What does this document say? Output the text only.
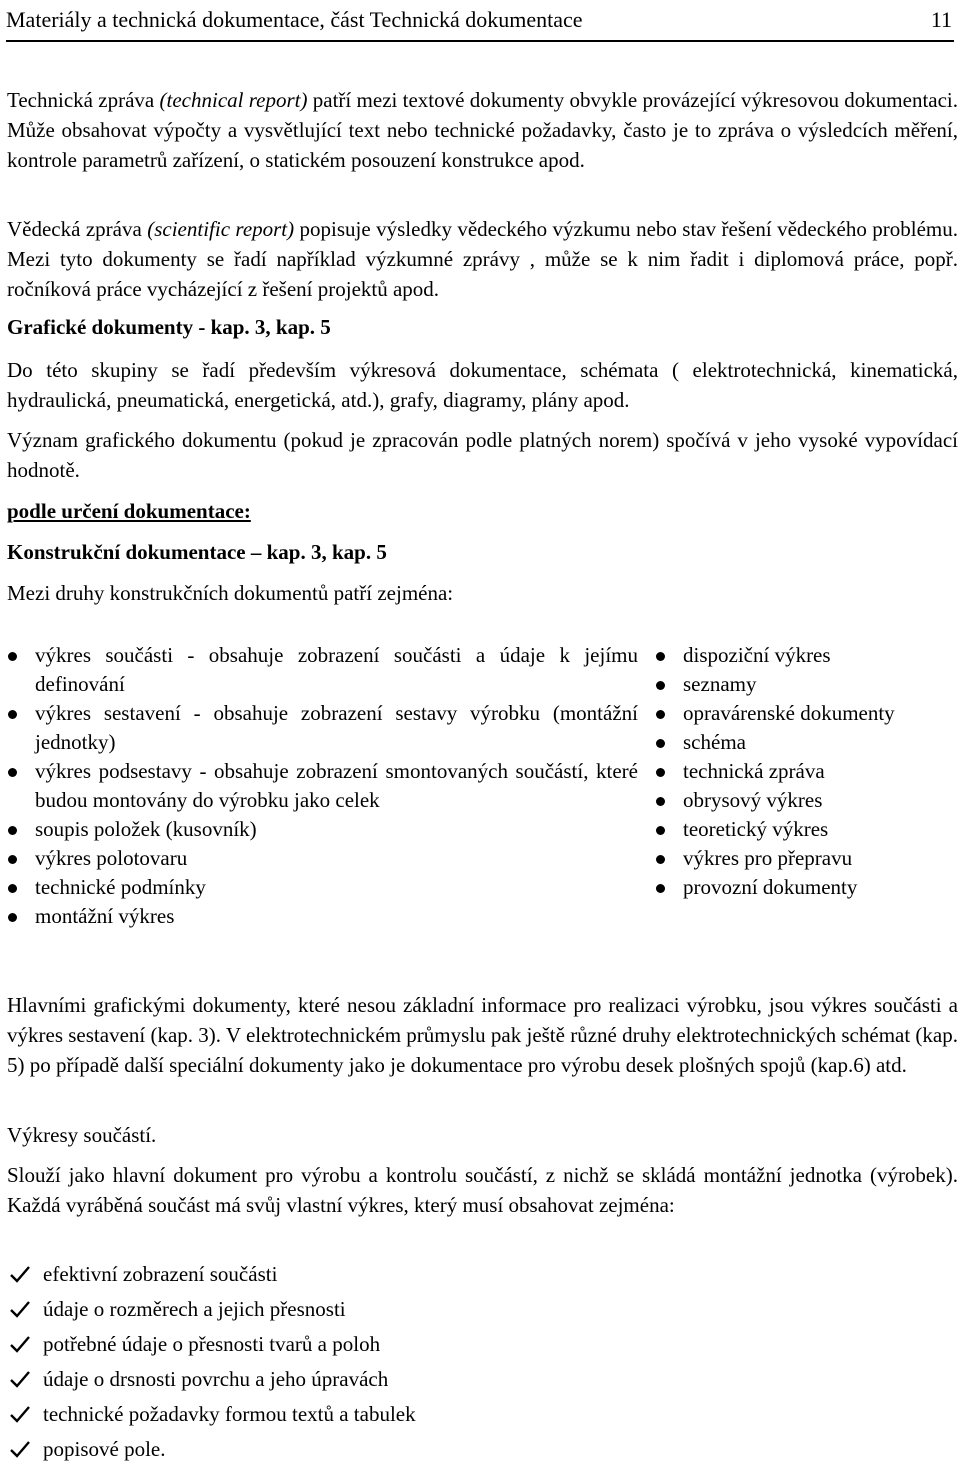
Materiály a technická dokumentace, část Technická dokumentace	11
Technická zpráva (technical report) patří mezi textové dokumenty obvykle provázející výkresovou dokumentaci. Může obsahovat výpočty a vysvětlující text nebo technické požadavky, často je to zpráva o výsledcích měření, kontrole parametrů zařízení, o statickém posouzení konstrukce apod.
Vědecká zpráva (scientific report) popisuje výsledky vědeckého výzkumu nebo stav řešení vědeckého problému. Mezi tyto dokumenty se řadí například výzkumné zprávy , může se k nim řadit i diplomová práce, popř. ročníková práce vycházející z řešení projektů apod.
Grafické dokumenty - kap. 3, kap. 5
Do této skupiny se řadí především výkresová dokumentace, schémata ( elektrotechnická, kinematická, hydraulická, pneumatická, energetická, atd.), grafy, diagramy, plány apod.
Význam grafického dokumentu (pokud je zpracován podle platných norem) spočívá v jeho vysoké vypovídací hodnotě.
podle určení dokumentace:
Konstrukční dokumentace – kap. 3, kap. 5
Mezi druhy konstrukčních dokumentů patří zejména:
výkres součásti - obsahuje zobrazení součásti a údaje k jejímu definování
výkres sestavení - obsahuje zobrazení sestavy výrobku (montážní jednotky)
výkres podsestavy - obsahuje zobrazení smontovaných součástí, které budou montovány do výrobku jako celek
soupis položek (kusovník)
výkres polotovaru
technické podmínky
montážní výkres
dispoziční výkres
seznamy
opravárenské dokumenty
schéma
technická zpráva
obrysový výkres
teoretický výkres
výkres pro přepravu
provozní dokumenty
Hlavními grafickými dokumenty, které nesou základní informace pro realizaci výrobku, jsou výkres součásti a výkres sestavení (kap. 3). V elektrotechnickém průmyslu pak ještě různé druhy elektrotechnických schémat (kap. 5) po případě další speciální dokumenty jako je dokumentace pro výrobu desek plošných spojů (kap.6) atd.
Výkresy součástí.
Slouží jako hlavní dokument pro výrobu a kontrolu součástí, z nichž se skládá montážní jednotka (výrobek). Každá vyráběná součást má svůj vlastní výkres, který musí obsahovat zejména:
efektivní zobrazení součásti
údaje o rozměrech a jejich přesnosti
potřebné údaje o přesnosti tvarů a poloh
údaje o drsnosti povrchu a jeho úpravách
technické požadavky formou textů a tabulek
popisové pole.
